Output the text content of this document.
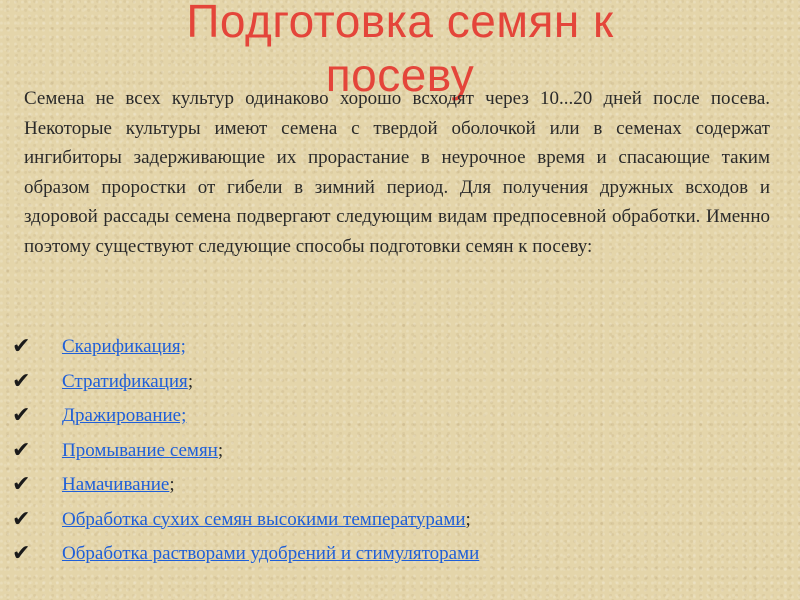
Подготовка семян к
посеву

Семена не всех культур одинаково хорошо всходят через 10...20 дней после посева. Некоторые культуры имеют семена с твердой оболочкой или в семенах содержат ингибиторы задерживающие их прорастание в неурочное время и спасающие таким образом проростки от гибели в зимний период. Для получения дружных всходов и здоровой рассады семена подвергают следующим видам предпосевной обработки. Именно поэтому существуют следующие способы подготовки семян к посеву:

✔ Скарификация;
✔ Стратификация;
✔ Дражирование;
✔ Промывание семян;
✔ Намачивание;
✔ Обработка сухих семян высокими температурами;
✔ Обработка растворами удобрений и стимуляторами
